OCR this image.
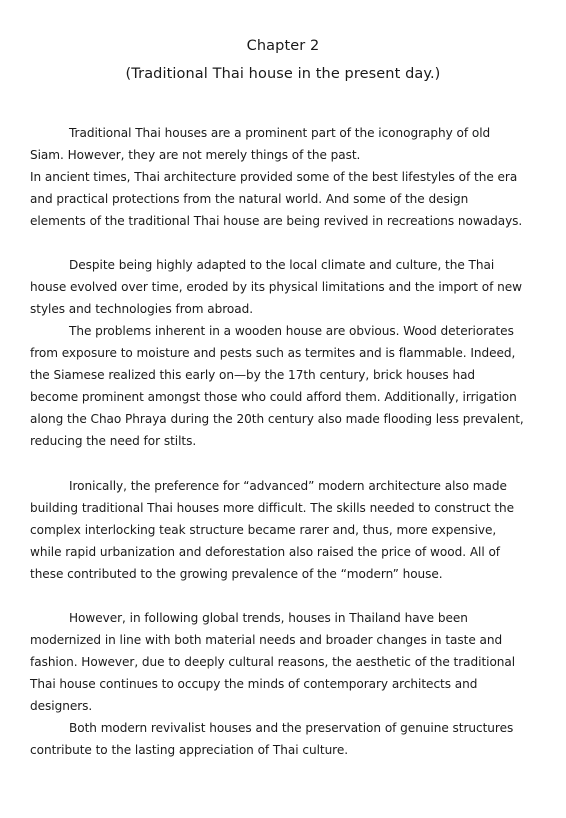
Chapter 2
(Traditional Thai house in the present day.)
Traditional Thai houses are a prominent part of the iconography of old
Siam. However, they are not merely things of the past.
In ancient times, Thai architecture provided some of the best lifestyles of the era
and practical protections from the natural world. And some of the design
elements of the traditional Thai house are being revived in recreations nowadays.
Despite being highly adapted to the local climate and culture, the Thai
house evolved over time, eroded by its physical limitations and the import of new
styles and technologies from abroad.
The problems inherent in a wooden house are obvious. Wood deteriorates
from exposure to moisture and pests such as termites and is flammable. Indeed,
the Siamese realized this early on—by the 17th century, brick houses had
become prominent amongst those who could afford them. Additionally, irrigation
along the Chao Phraya during the 20th century also made flooding less prevalent,
reducing the need for stilts.
Ironically, the preference for “advanced” modern architecture also made
building traditional Thai houses more difficult. The skills needed to construct the
complex interlocking teak structure became rarer and, thus, more expensive,
while rapid urbanization and deforestation also raised the price of wood. All of
these contributed to the growing prevalence of the “modern” house.
However, in following global trends, houses in Thailand have been
modernized in line with both material needs and broader changes in taste and
fashion. However, due to deeply cultural reasons, the aesthetic of the traditional
Thai house continues to occupy the minds of contemporary architects and
designers.
Both modern revivalist houses and the preservation of genuine structures
contribute to the lasting appreciation of Thai culture.
